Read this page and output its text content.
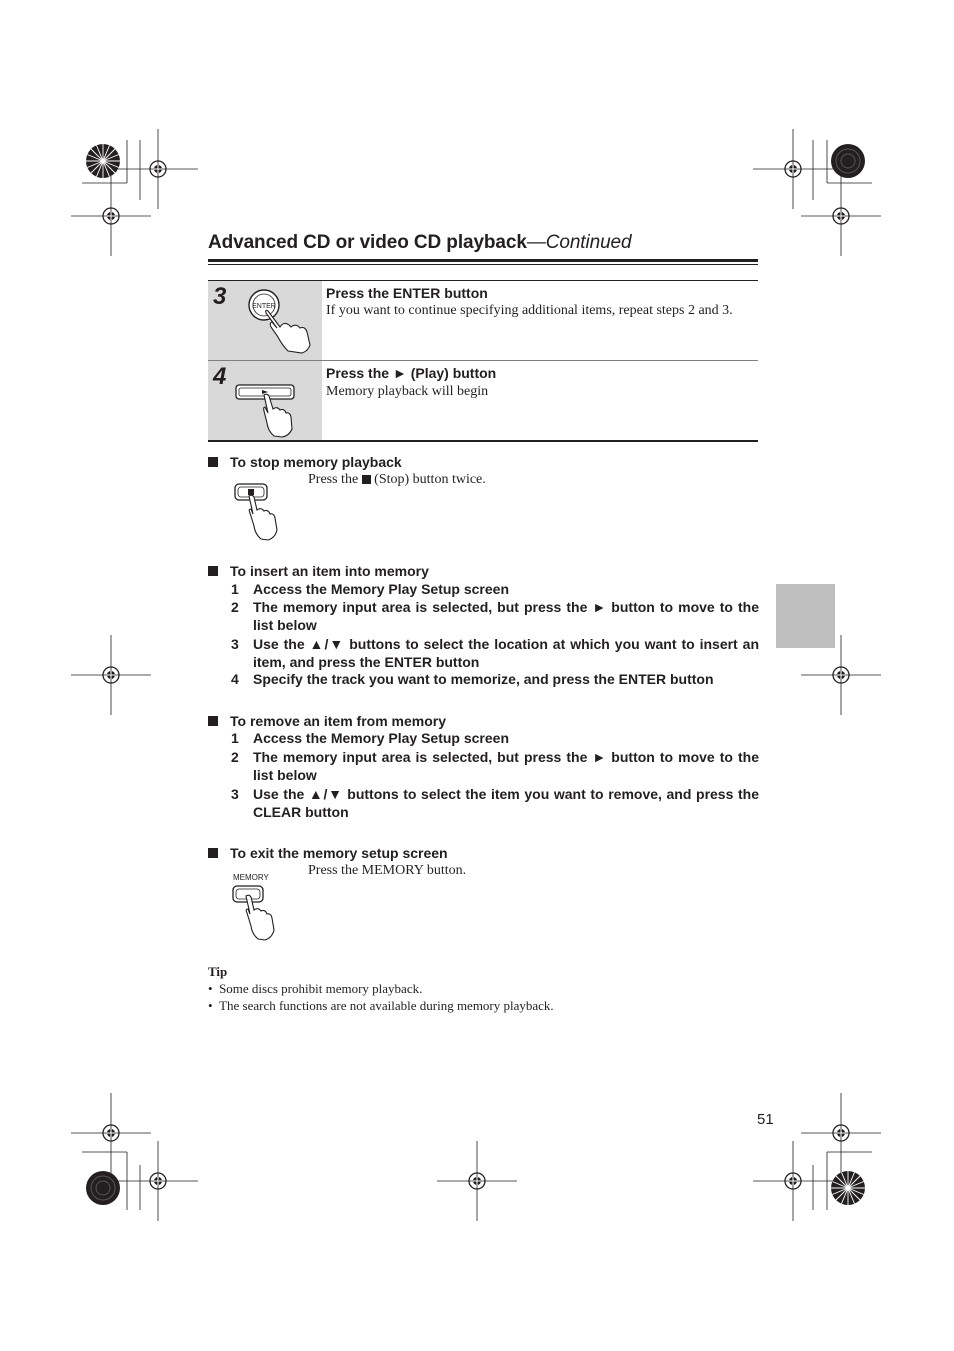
Advanced CD or video CD playback—Continued
3	ENTER
Press the ENTER button
If you want to continue specifying additional items, repeat steps 2 and 3.
4	Press the ► (Play) button
Memory playback will begin
To stop memory playback
Press the (Stop) button twice.
To insert an item into memory
1 Access the Memory Play Setup screen
2 The memory input area is selected, but press the ► button to move to the list below
3 Use the ▲/▼ buttons to select the location at which you want to insert an item, and press the ENTER button
4 Specify the track you want to memorize, and press the ENTER button
To remove an item from memory
1 Access the Memory Play Setup screen
2 The memory input area is selected, but press the ► button to move to the list below
3 Use the ▲/▼ buttons to select the item you want to remove, and press the CLEAR button
To exit the memory setup screen
MEMORY	Press the MEMORY button.
Tip
•  Some discs prohibit memory playback.
•  The search functions are not available during memory playback.
51
